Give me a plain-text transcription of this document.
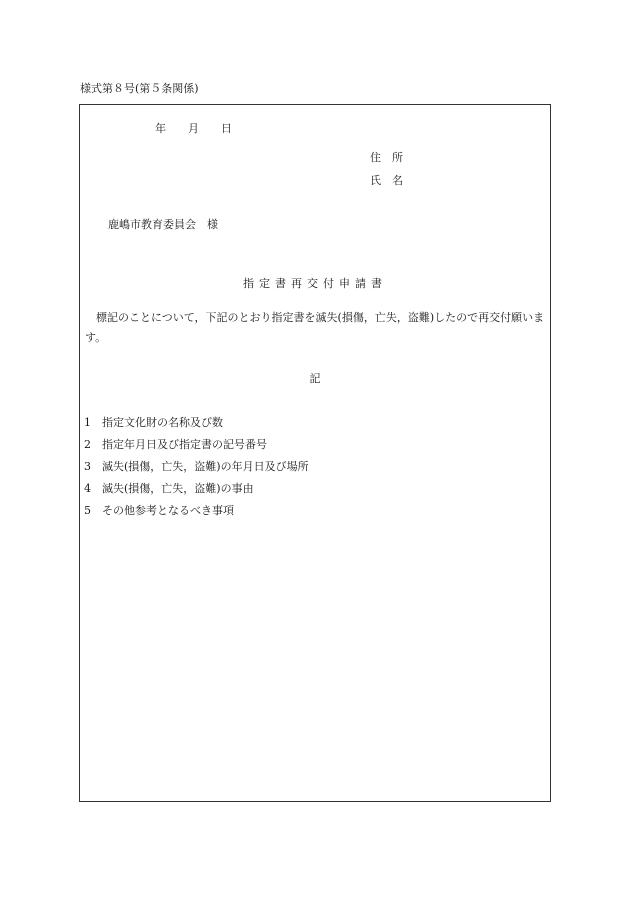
様式第８号(第５条関係)
年 月 日
住　所
氏　名
鹿嶋市教育委員会　様
指定書再交付申請書
標記のことについて，下記のとおり指定書を滅失(損傷，亡失，盗難)したので再交付願います。
記
1 指定文化財の名称及び数
2 指定年月日及び指定書の記号番号
3 滅失(損傷，亡失，盗難)の年月日及び場所
4 滅失(損傷，亡失，盗難)の事由
5 その他参考となるべき事項
